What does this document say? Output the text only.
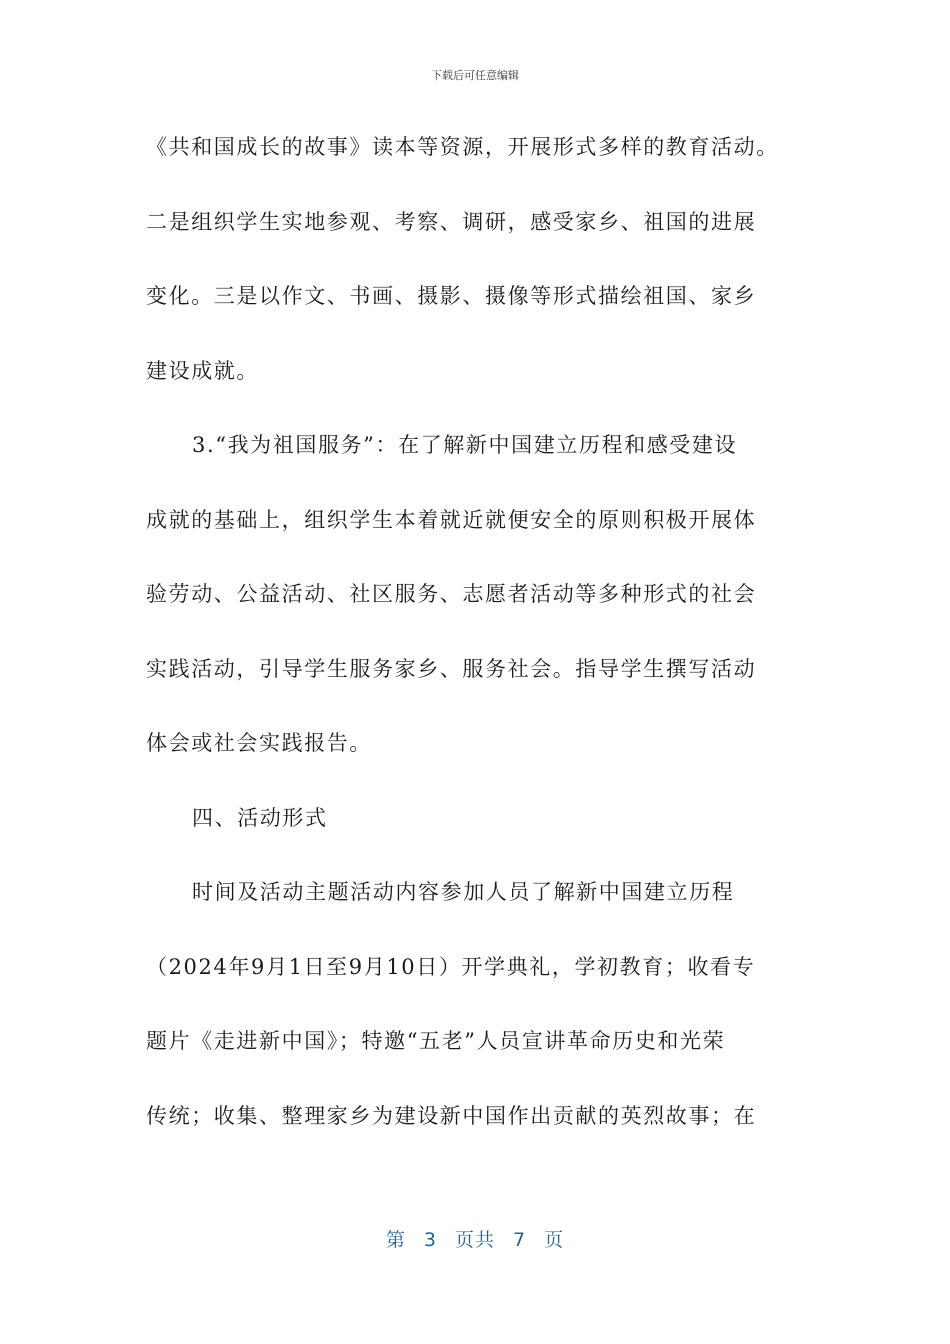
下载后可任意编辑
《共和国成长的故事》读本等资源，开展形式多样的教育活动。
二是组织学生实地参观、考察、调研，感受家乡、祖国的进展
变化。三是以作文、书画、摄影、摄像等形式描绘祖国、家乡
建设成就。
3.“我为祖国服务”：在了解新中国建立历程和感受建设
成就的基础上，组织学生本着就近就便安全的原则积极开展体
验劳动、公益活动、社区服务、志愿者活动等多种形式的社会
实践活动，引导学生服务家乡、服务社会。指导学生撰写活动
体会或社会实践报告。
四、活动形式
时间及活动主题活动内容参加人员了解新中国建立历程
（2024年9月1日至9月10日）开学典礼，学初教育；收看专
题片《走进新中国》；特邀“五老”人员宣讲革命历史和光荣
传统；收集、整理家乡为建设新中国作出贡献的英烈故事；在
第 3 页共 7 页
